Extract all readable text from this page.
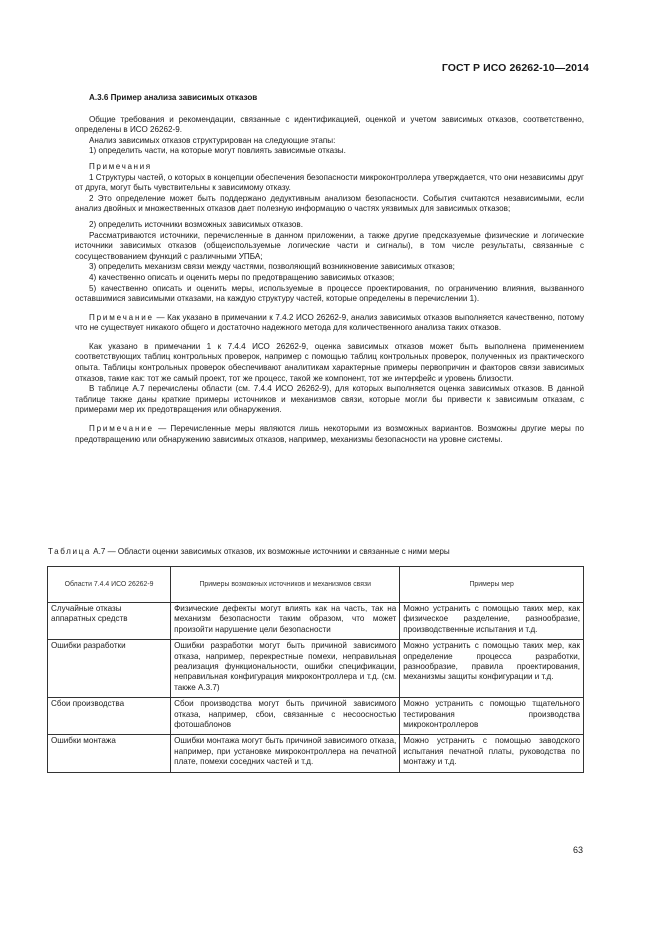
ГОСТ Р ИСО 26262-10—2014

А.3.6 Пример анализа зависимых отказов

Общие требования и рекомендации, связанные с идентификацией, оценкой и учетом зависимых отказов, соответственно, определены в ИСО 26262-9.

Анализ зависимых отказов структурирован на следующие этапы:

1) определить части, на которые могут повлиять зависимые отказы.

Примечания

1 Структуры частей, о которых в концепции обеспечения безопасности микроконтроллера утверждается, что они независимы друг от друга, могут быть чувствительны к зависимому отказу.

2 Это определение может быть поддержано дедуктивным анализом безопасности. События считаются независимыми, если анализ двойных и множественных отказов дает полезную информацию о частях уязвимых для зависимых отказов;

2) определить источники возможных зависимых отказов.

Рассматриваются источники, перечисленные в данном приложении, а также другие предсказуемые физические и логические источники зависимых отказов (общеиспользуемые логические части и сигналы), в том числе результаты, связанные с сосуществованием функций с различными УПБА;

3) определить механизм связи между частями, позволяющий возникновение зависимых отказов;

4) качественно описать и оценить меры по предотвращению зависимых отказов;

5) качественно описать и оценить меры, используемые в процессе проектирования, по ограничению влияния, вызванного оставшимися зависимыми отказами, на каждую структуру частей, которые определены в перечислении 1).

Примечание — Как указано в примечании к 7.4.2 ИСО 26262-9, анализ зависимых отказов выполняется качественно, потому что не существует никакого общего и достаточно надежного метода для количественного анализа таких отказов.

Как указано в примечании 1 к 7.4.4 ИСО 26262-9, оценка зависимых отказов может быть выполнена применением соответствующих таблиц контрольных проверок, например с помощью таблиц контрольных проверок, полученных из практического опыта. Таблицы контрольных проверок обеспечивают аналитикам характерные примеры первопричин и факторов связи зависимых отказов, такие как: тот же самый проект, тот же процесс, такой же компонент, тот же интерфейс и уровень близости.

В таблице А.7 перечислены области (см. 7.4.4 ИСО 26262-9), для которых выполняется оценка зависимых отказов. В данной таблице также даны краткие примеры источников и механизмов связи, которые могли бы привести к зависимым отказам, с примерами мер их предотвращения или обнаружения.

Примечание — Перечисленные меры являются лишь некоторыми из возможных вариантов. Возможны другие меры по предотвращению или обнаружению зависимых отказов, например, механизмы безопасности на уровне системы.

Таблица А.7 — Области оценки зависимых отказов, их возможные источники и связанные с ними меры
Области 7.4.4 ИСО 26262-9	Примеры возможных источников и механизмов связи	Примеры мер
Случайные отказы аппаратных средств	Физические дефекты могут влиять как на часть, так на механизм безопасности таким образом, что может произойти нарушение цели безопасности	Можно устранить с помощью таких мер, как физическое разделение, разнообразие, производственные испытания и т.д.
Ошибки разработки	Ошибки разработки могут быть причиной зависимого отказа, например, перекрестные помехи, неправильная реализация функциональности, ошибки спецификации, неправильная конфигурация микроконтроллера и т.д. (см. также А.3.7)	Можно устранить с помощью таких мер, как определение процесса разработки, разнообразие, правила проектирования, механизмы защиты конфигурации и т.д.
Сбои производства	Сбои производства могут быть причиной зависимого отказа, например, сбои, связанные с несоосностью фотошаблонов	Можно устранить с помощью тщательного тестирования производства микроконтроллеров
Ошибки монтажа	Ошибки монтажа могут быть причиной зависимого отказа, например, при установке микроконтроллера на печатной плате, помехи соседних частей и т.д.	Можно устранить с помощью заводского испытания печатной платы, руководства по монтажу и т.д.
63
